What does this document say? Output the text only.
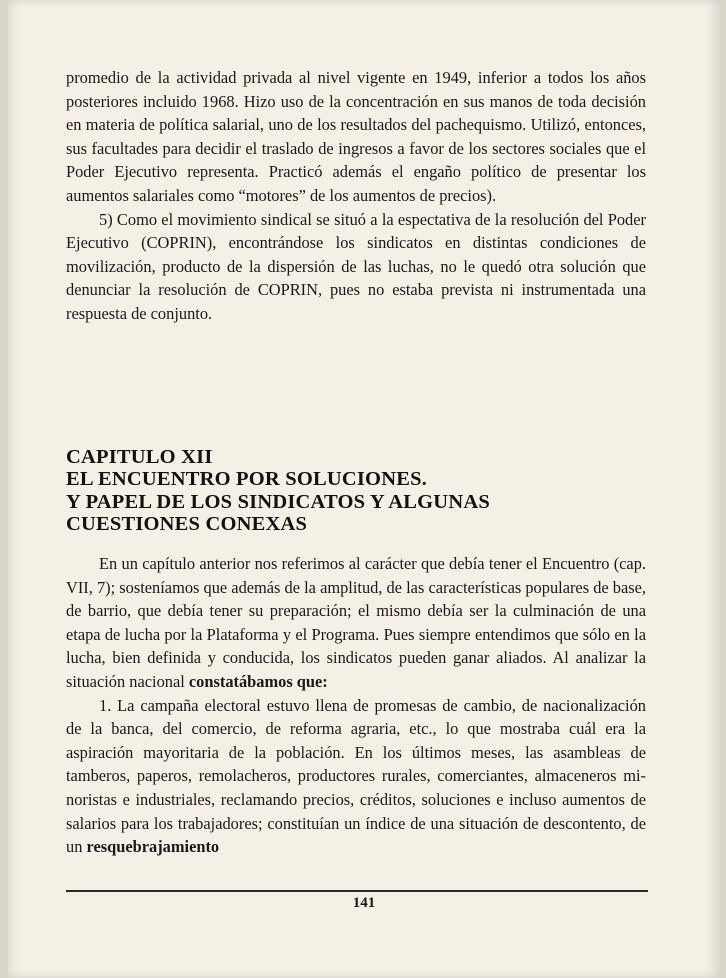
promedio de la actividad privada al nivel vigente en 1949, inferior a todos los años posteriores incluido 1968. Hizo uso de la concentración en sus manos de toda decisión en materia de política salarial, uno de los resultados del pachequismo. Utilizó, entonces, sus facultades para decidir el traslado de ingresos a favor de los sectores sociales que el Poder Ejecutivo representa. Practicó además el engaño político de presentar los aumentos salariales como “motores” de los aumentos de precios).

5) Como el movimiento sindical se situó a la espectativa de la resolución del Poder Ejecutivo (COPRIN), encontrándose los sindicatos en distintas condiciones de movilización, producto de la dispersión de las luchas, no le quedó otra solución que denunciar la resolución de COPRIN, pues no estaba prevista ni instrumentada una respuesta de conjunto.

CAPITULO XII
EL ENCUENTRO POR SOLUCIONES.
Y PAPEL DE LOS SINDICATOS Y ALGUNAS
CUESTIONES CONEXAS

En un capítulo anterior nos referimos al carácter que debía tener el Encuentro (cap. VII, 7); sosteníamos que además de la amplitud, de las características populares de base, de barrio, que debía tener su preparación; el mismo debía ser la culminación de una etapa de lucha por la Plataforma y el Programa. Pues siempre entendimos que sólo en la lucha, bien definida y conducida, los sindicatos pueden ganar aliados. Al analizar la situación nacional constatábamos que:

1. La campaña electoral estuvo llena de promesas de cambio, de nacionalización de la banca, del comercio, de reforma agraria, etc., lo que mostraba cuál era la aspiración mayoritaria de la población. En los últimos meses, las asambleas de tamberos, paperos, remolacheros, productores rurales, comerciantes, almaceneros minoristas e industriales, reclamando precios, créditos, soluciones e incluso aumentos de salarios para los trabajadores; constituían un índice de una situación de descontento, de un resquebrajamiento

141
